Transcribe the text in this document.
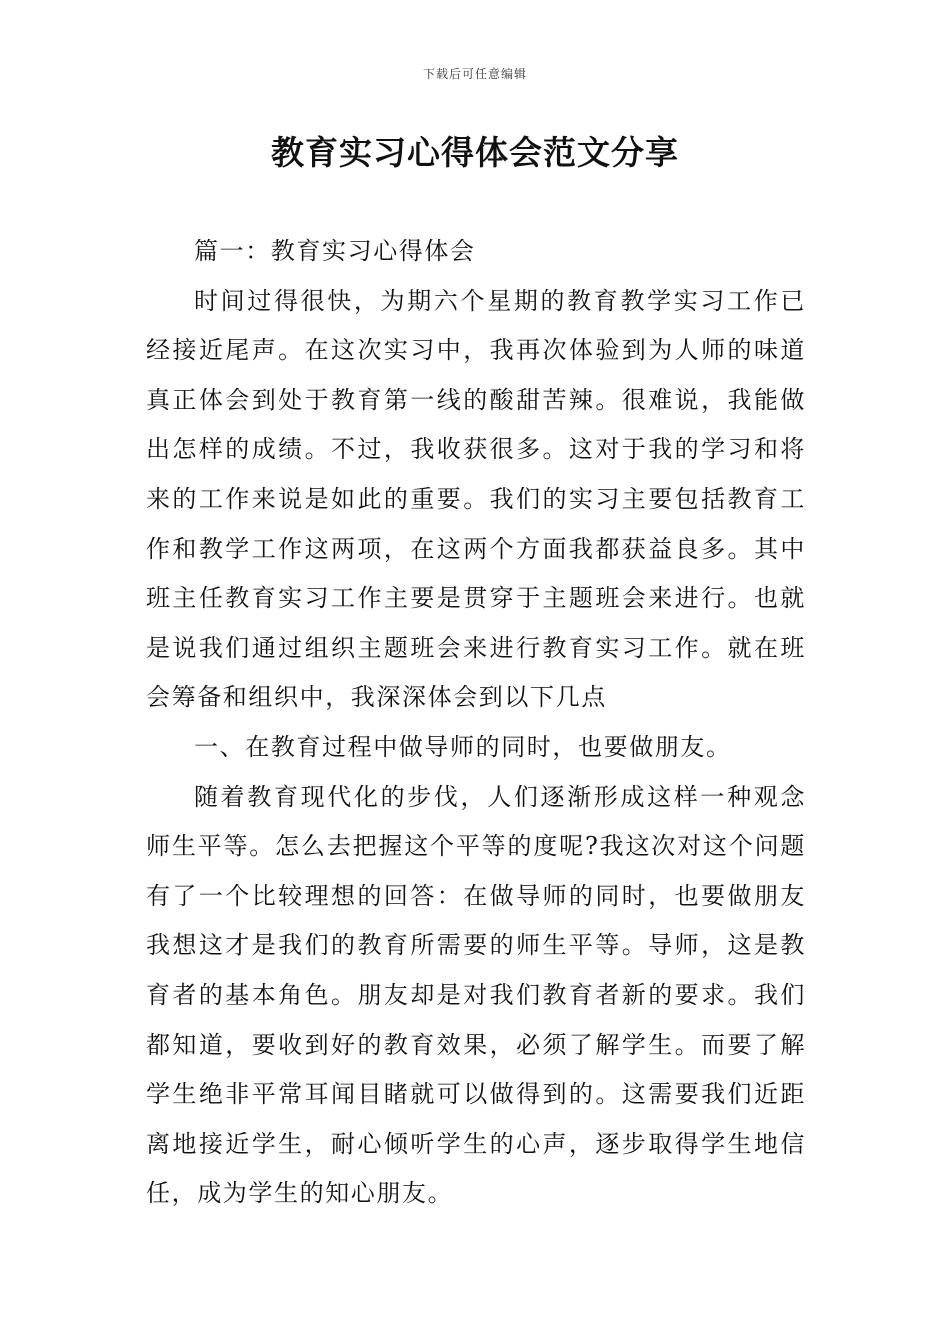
下载后可任意编辑
教育实习心得体会范文分享

篇一：教育实习心得体会

时间过得很快，为期六个星期的教育教学实习工作已经接近尾声。在这次实习中，我再次体验到为人师的味道真正体会到处于教育第一线的酸甜苦辣。很难说，我能做出怎样的成绩。不过，我收获很多。这对于我的学习和将来的工作来说是如此的重要。我们的实习主要包括教育工作和教学工作这两项，在这两个方面我都获益良多。其中班主任教育实习工作主要是贯穿于主题班会来进行。也就是说我们通过组织主题班会来进行教育实习工作。就在班会筹备和组织中，我深深体会到以下几点

一、在教育过程中做导师的同时，也要做朋友。

随着教育现代化的步伐，人们逐渐形成这样一种观念师生平等。怎么去把握这个平等的度呢?我这次对这个问题有了一个比较理想的回答：在做导师的同时，也要做朋友我想这才是我们的教育所需要的师生平等。导师，这是教育者的基本角色。朋友却是对我们教育者新的要求。我们都知道，要收到好的教育效果，必须了解学生。而要了解学生绝非平常耳闻目睹就可以做得到的。这需要我们近距离地接近学生，耐心倾听学生的心声，逐步取得学生地信任，成为学生的知心朋友。
